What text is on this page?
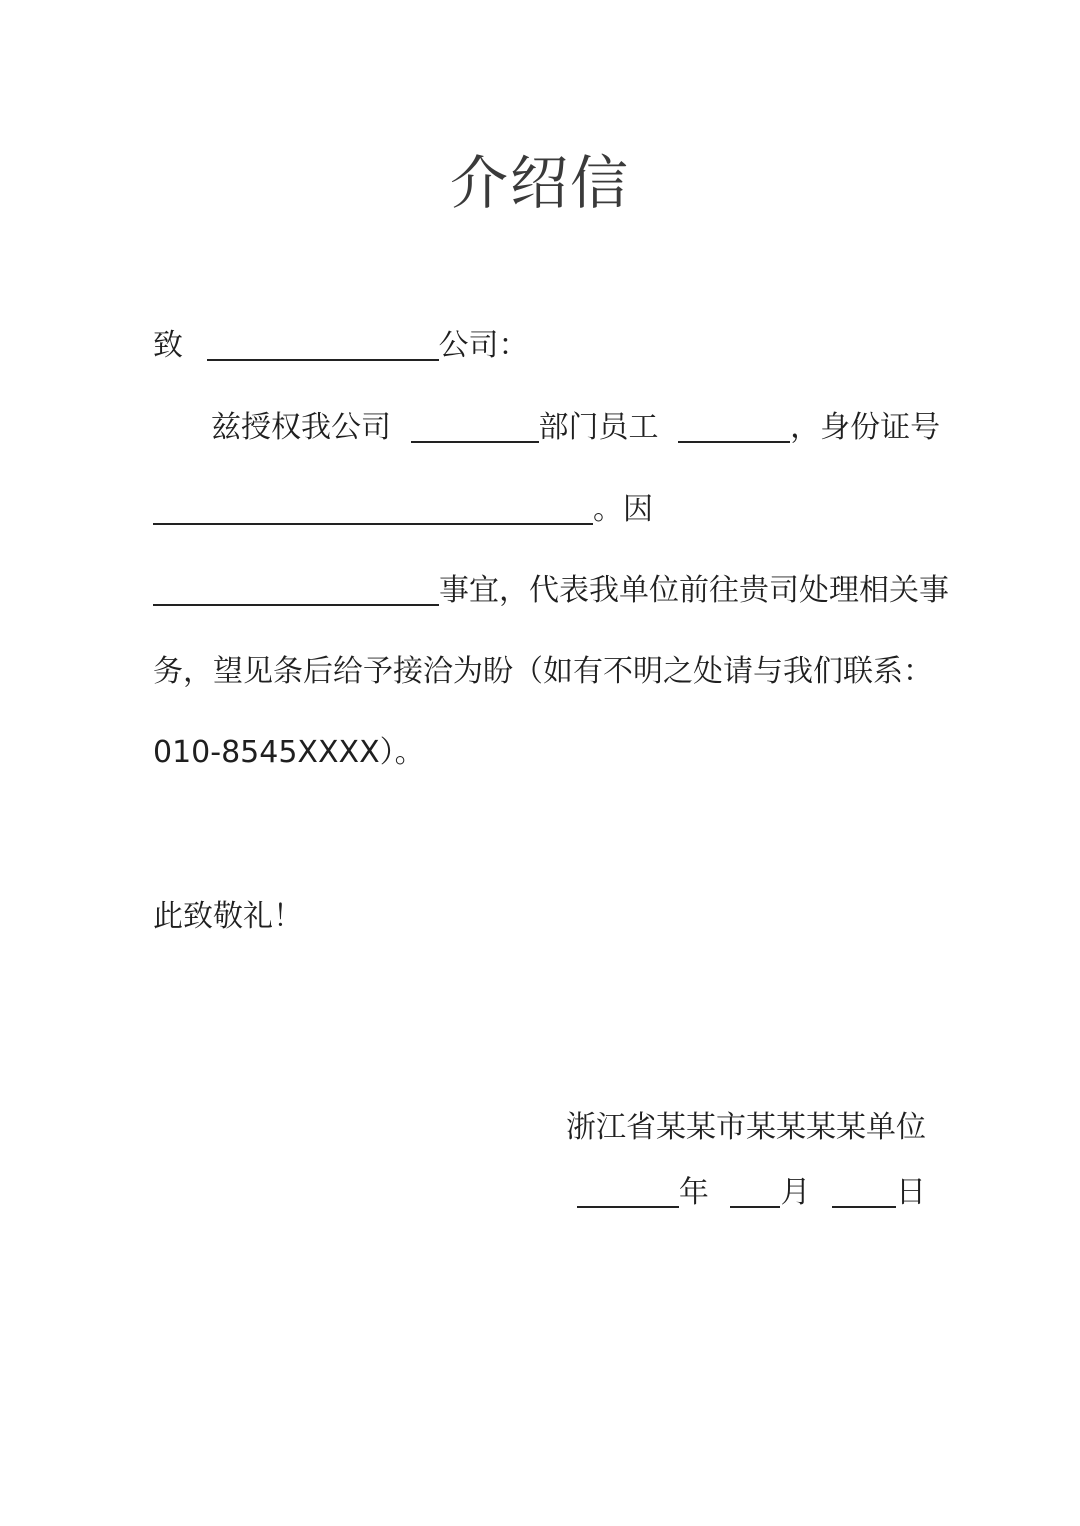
介绍信
致	公司：
兹授权我公司	部门员工	，身份证号
。因
事宜，代表我单位前往贵司处理相关事
务，望见条后给予接洽为盼（如有不明之处请与我们联系：
010-8545XXXX）。
此致敬礼！
浙江省某某市某某某某单位
年 月	日
